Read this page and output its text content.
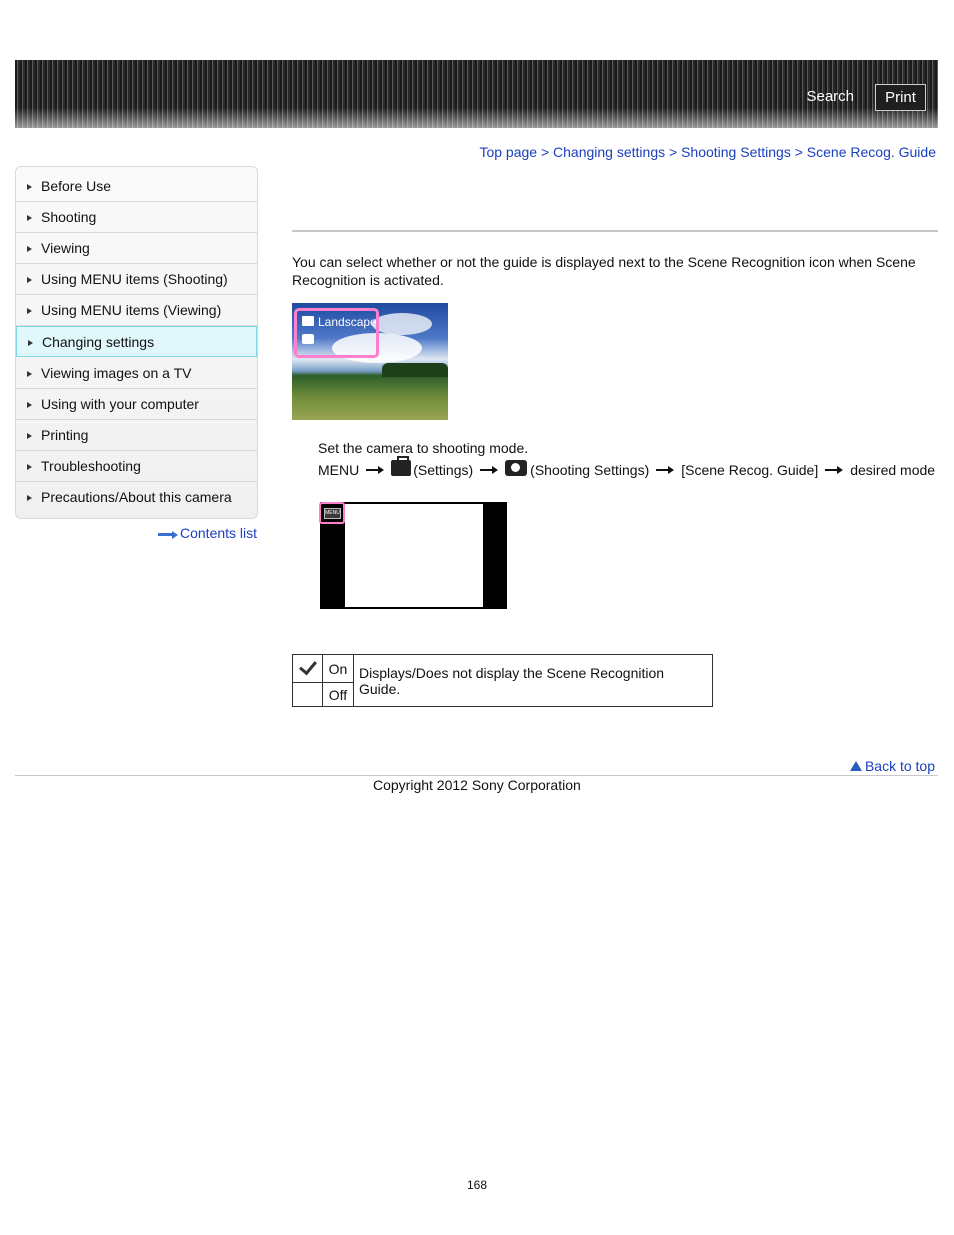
Search	Print
Top page > Changing settings > Shooting Settings > Scene Recog. Guide
Before Use
Shooting
Viewing
Using MENU items (Shooting)
Using MENU items (Viewing)
Changing settings
Viewing images on a TV
Using with your computer
Printing
Troubleshooting
Precautions/About this camera
Contents list

You can select whether or not the guide is displayed next to the Scene Recognition icon when Scene Recognition is activated.

Landscape
Set the camera to shooting mode.
MENU	(Settings)	(Shooting Settings) [Scene Recog. Guide] desired mode
MENU
	On	Displays/Does not display the Scene Recognition Guide.
	Off	
Back to top
Copyright 2012 Sony Corporation
168
